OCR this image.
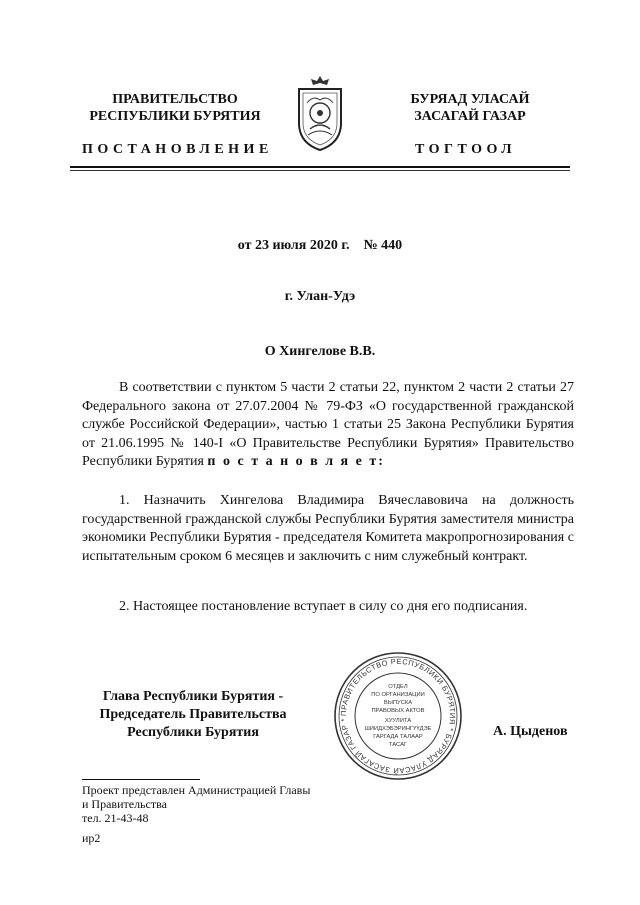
ПРАВИТЕЛЬСТВО
РЕСПУБЛИКИ БУРЯТИЯ
БУРЯАД УЛАСАЙ
ЗАСАГАЙ ГАЗАР
ПОСТАНОВЛЕНИЕ	ТОГТООЛ
от 23 июля 2020 г.    № 440
г. Улан-Удэ
О Хингелове В.В.
В соответствии с пунктом 5 части 2 статьи 22, пунктом 2 части 2 статьи 27 Федерального закона от 27.07.2004 № 79-ФЗ «О государственной гражданской службе Российской Федерации», частью 1 статьи 25 Закона Республики Бурятия от 21.06.1995 № 140-I «О Правительстве Республики Бурятия» Правительство Республики Бурятия п о с т а н о в л я е т:
1. Назначить Хингелова Владимира Вячеславовича на должность государственной гражданской службы Республики Бурятия заместителя министра экономики Республики Бурятия - председателя Комитета макропрогнозирования с испытательным сроком 6 месяцев и заключить с ним служебный контракт.
2. Настоящее постановление вступает в силу со дня его подписания.
Глава Республики Бурятия -
Председатель Правительства
Республики Бурятия
ПРАВИТЕЛЬСТВО РЕСПУБЛИКИ БУРЯТИЯ * БУРЯАД УЛАСАЙ ЗАСАГАЙ ГАЗАР *
ОТДЕЛ
ПО ОРГАНИЗАЦИИ
ВЫПУСКА
ПРАВОВЫХ АКТОВ
ХУУЛИТА
ШИИДХЭБЭРИНГҮҮДЭЕ
ГАРГАДА ТАЛААР
ТАСАГ
А. Цыденов
Проект представлен Администрацией Главы
и Правительства
тел. 21-43-48
ир2
